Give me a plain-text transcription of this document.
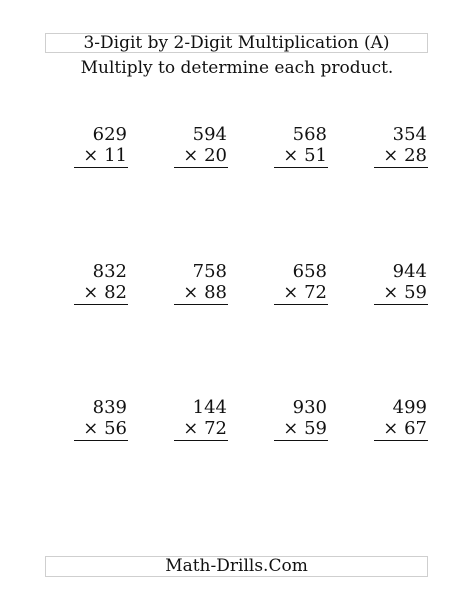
3-Digit by 2-Digit Multiplication (A)
Multiply to determine each product.
629
× 11
594
× 20
568
× 51
354
× 28
832
× 82
758
× 88
658
× 72
944
× 59
839
× 56
144
× 72
930
× 59
499
× 67
Math-Drills.Com
